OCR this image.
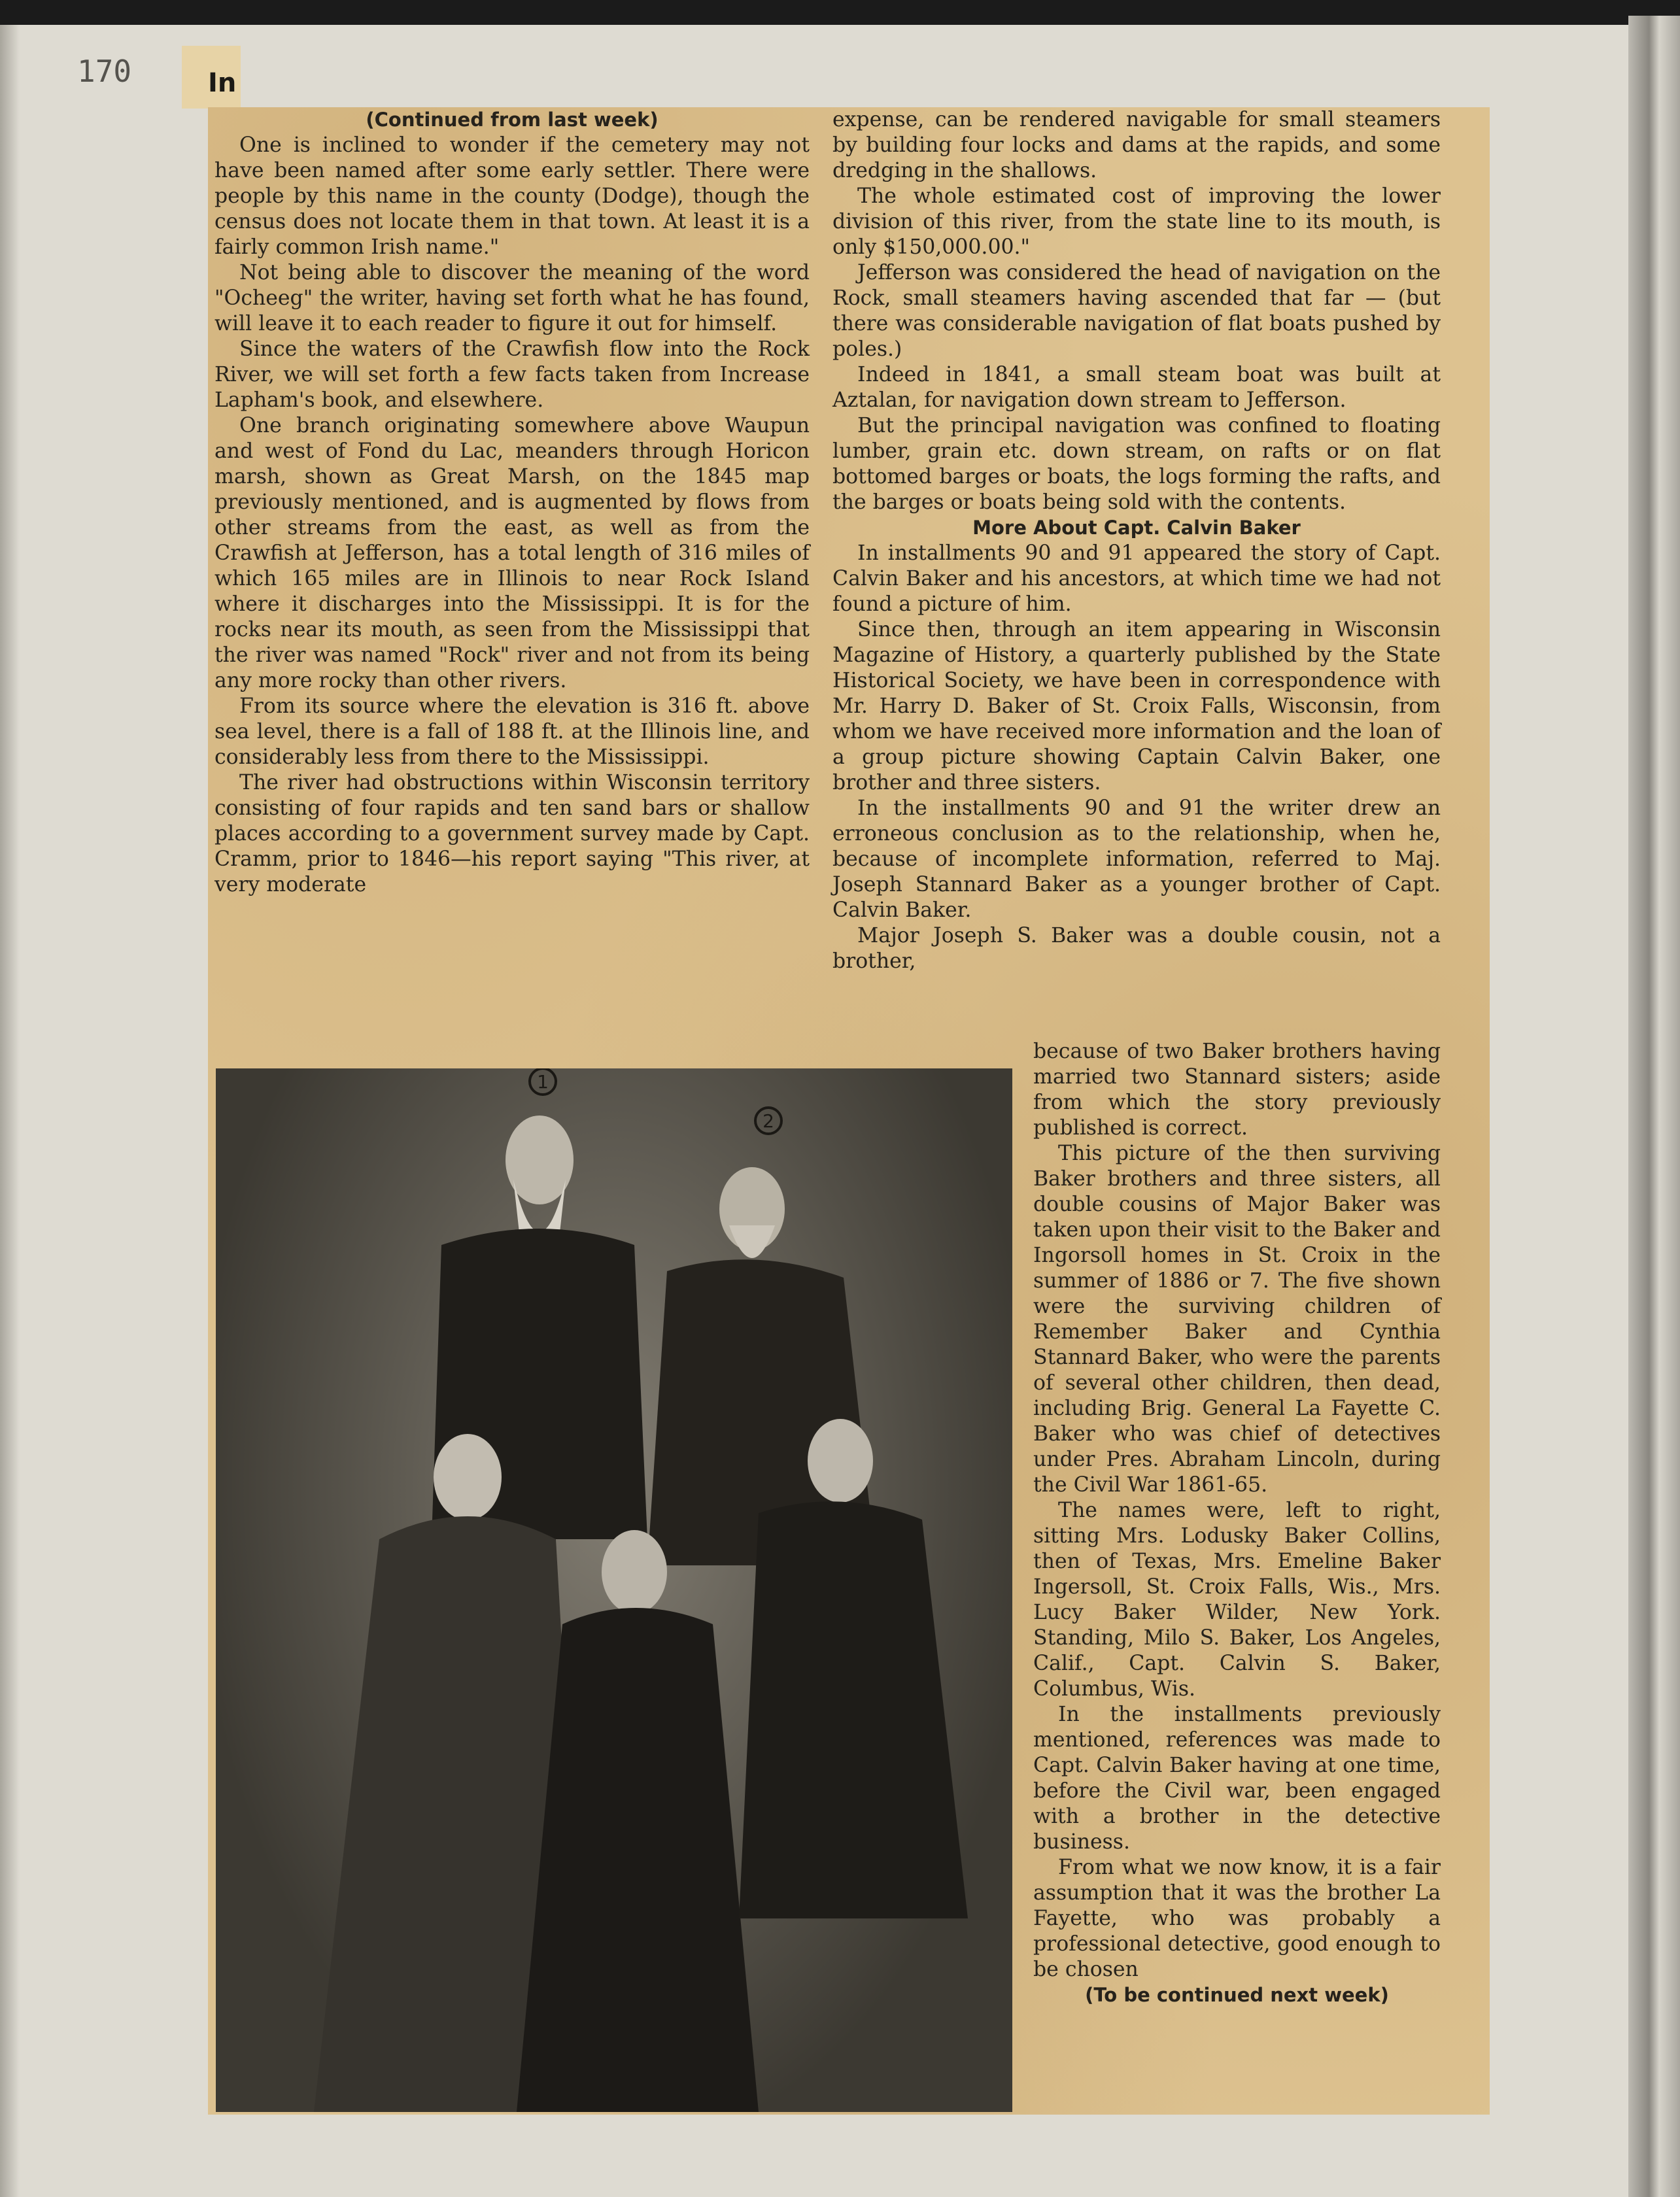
170	In

(Continued from last week)

One is inclined to wonder if the cemetery may not have been named after some early settler. There were people by this name in the county (Dodge), though the census does not locate them in that town. At least it is a fairly common Irish name."

Not being able to discover the meaning of the word "Ocheeg" the writer, having set forth what he has found, will leave it to each reader to figure it out for himself.

Since the waters of the Crawfish flow into the Rock River, we will set forth a few facts taken from Increase Lapham's book, and elsewhere.

One branch originating somewhere above Waupun and west of Fond du Lac, meanders through Horicon marsh, shown as Great Marsh, on the 1845 map previously mentioned, and is augmented by flows from other streams from the east, as well as from the Crawfish at Jefferson, has a total length of 316 miles of which 165 miles are in Illinois to near Rock Island where it discharges into the Mississippi. It is for the rocks near its mouth, as seen from the Mississippi that the river was named "Rock" river and not from its being any more rocky than other rivers.

From its source where the elevation is 316 ft. above sea level, there is a fall of 188 ft. at the Illinois line, and considerably less from there to the Mississippi.

The river had obstructions within Wisconsin territory consisting of four rapids and ten sand bars or shallow places according to a government survey made by Capt. Cramm, prior to 1846—his report saying "This river, at very moderate

expense, can be rendered navigable for small steamers by building four locks and dams at the rapids, and some dredging in the shallows.

The whole estimated cost of improving the lower division of this river, from the state line to its mouth, is only $150,000.00."

Jefferson was considered the head of navigation on the Rock, small steamers having ascended that far — (but there was considerable navigation of flat boats pushed by poles.)

Indeed in 1841, a small steam boat was built at Aztalan, for navigation down stream to Jefferson.

But the principal navigation was confined to floating lumber, grain etc. down stream, on rafts or on flat bottomed barges or boats, the logs forming the rafts, and the barges or boats being sold with the contents.

More About Capt. Calvin Baker

In installments 90 and 91 appeared the story of Capt. Calvin Baker and his ancestors, at which time we had not found a picture of him.

Since then, through an item appearing in Wisconsin Magazine of History, a quarterly published by the State Historical Society, we have been in correspondence with Mr. Harry D. Baker of St. Croix Falls, Wisconsin, from whom we have received more information and the loan of a group picture showing Captain Calvin Baker, one brother and three sisters.

In the installments 90 and 91 the writer drew an erroneous conclusion as to the relationship, when he, because of incomplete information, referred to Maj. Joseph Stannard Baker as a younger brother of Capt. Calvin Baker.

Major Joseph S. Baker was a double cousin, not a brother,

1
2

because of two Baker brothers having married two Stannard sisters; aside from which the story previously published is correct.

This picture of the then surviving Baker brothers and three sisters, all double cousins of Major Baker was taken upon their visit to the Baker and Ingorsoll homes in St. Croix in the summer of 1886 or 7. The five shown were the surviving children of Remember Baker and Cynthia Stannard Baker, who were the parents of several other children, then dead, including Brig. General La Fayette C. Baker who was chief of detectives under Pres. Abraham Lincoln, during the Civil War 1861-65.

The names were, left to right, sitting Mrs. Lodusky Baker Collins, then of Texas, Mrs. Emeline Baker Ingersoll, St. Croix Falls, Wis., Mrs. Lucy Baker Wilder, New York. Standing, Milo S. Baker, Los Angeles, Calif., Capt. Calvin S. Baker, Columbus, Wis.

In the installments previously mentioned, references was made to Capt. Calvin Baker having at one time, before the Civil war, been engaged with a brother in the detective business.

From what we now know, it is a fair assumption that it was the brother La Fayette, who was probably a professional detective, good enough to be chosen

(To be continued next week)
